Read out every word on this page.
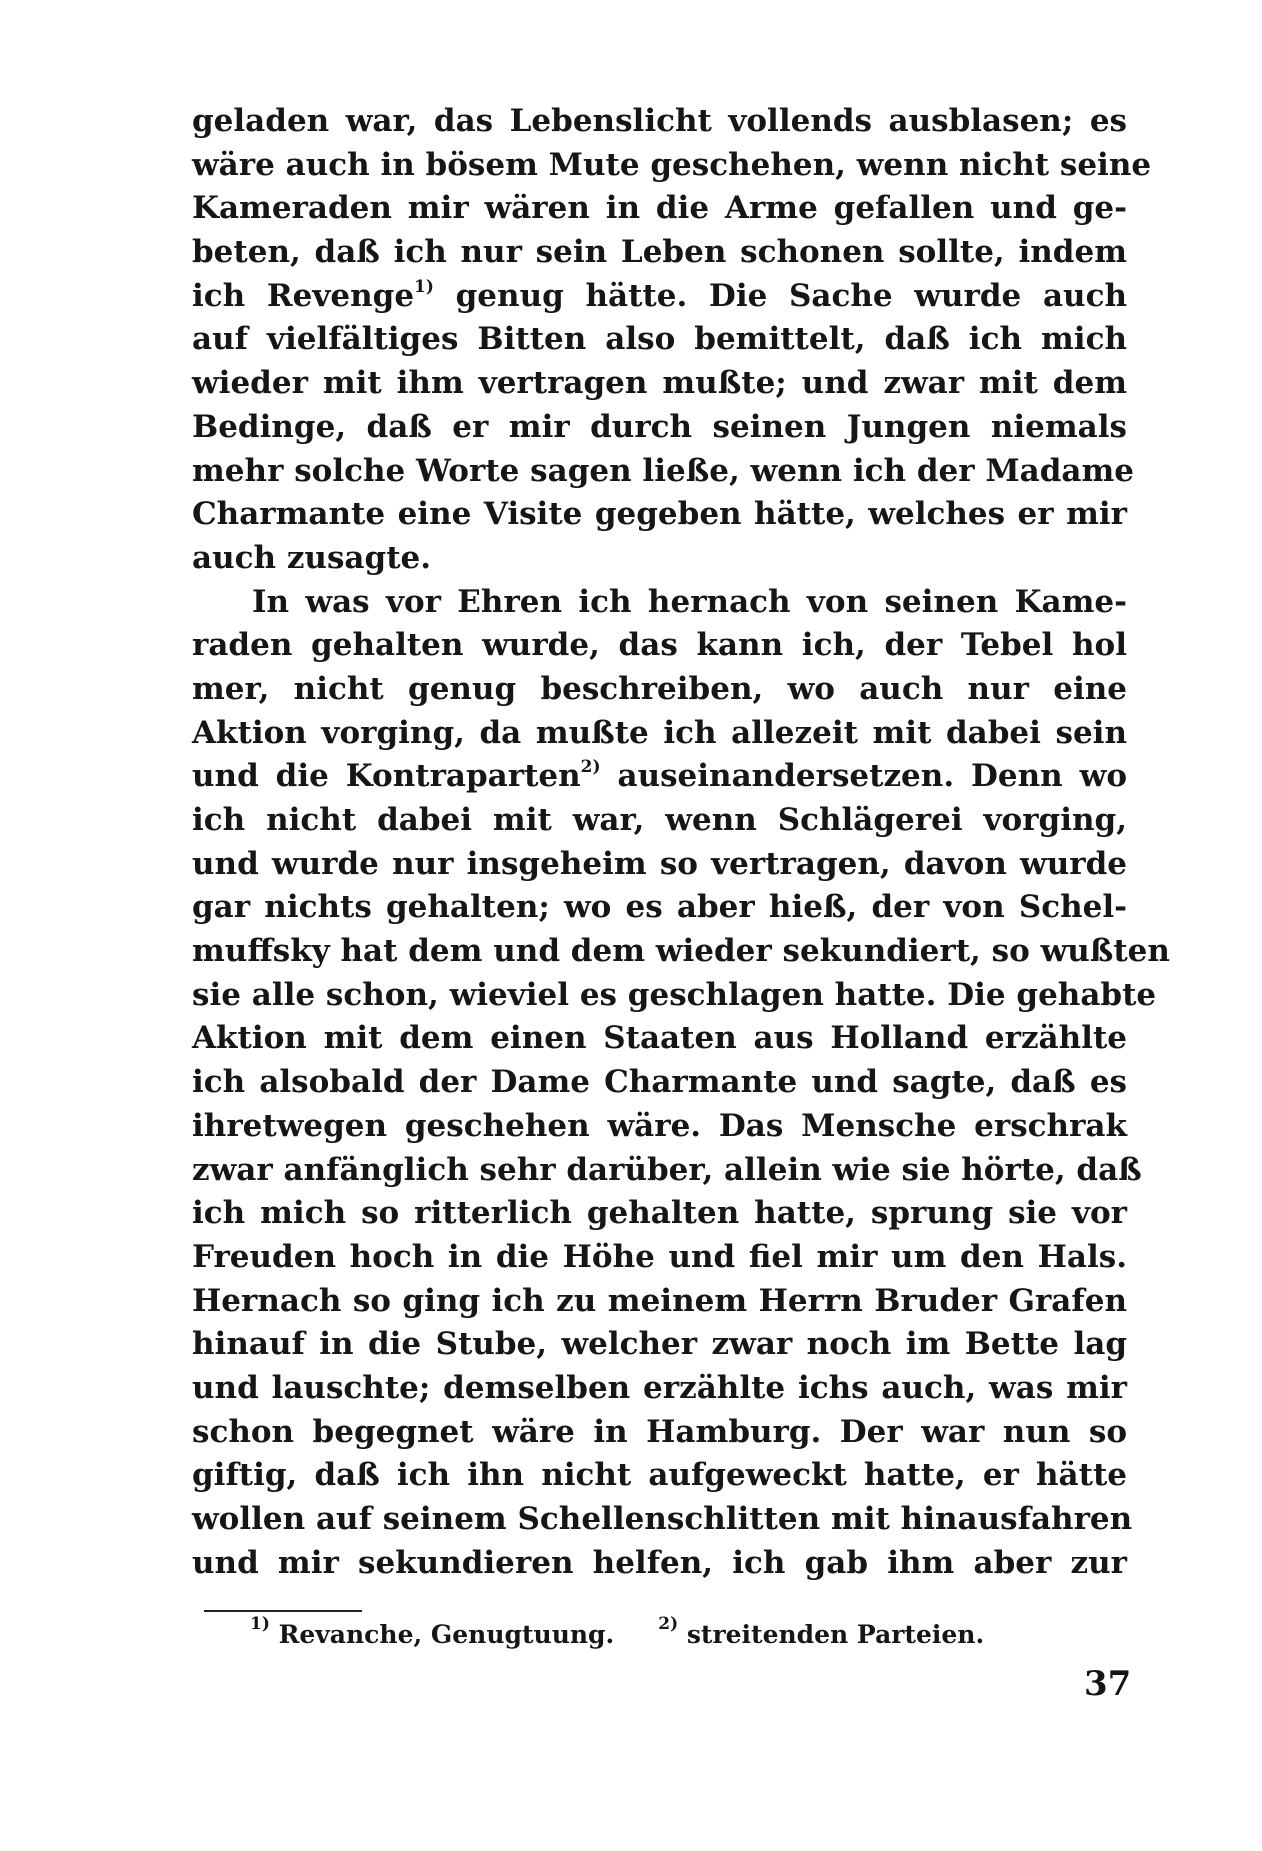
geladen war, das Lebenslicht vollends ausblasen; es
wäre auch in bösem Mute geschehen, wenn nicht seine
Kameraden mir wären in die Arme gefallen und ge-
beten, daß ich nur sein Leben schonen sollte, indem
ich Revenge$^{1)}$ genug hätte. Die Sache wurde auch
auf vielfältiges Bitten also bemittelt, daß ich mich
wieder mit ihm vertragen mußte; und zwar mit dem
Bedinge, daß er mir durch seinen Jungen niemals
mehr solche Worte sagen ließe, wenn ich der Madame
Charmante eine Visite gegeben hätte, welches er mir
auch zusagte.
In was vor Ehren ich hernach von seinen Kame-
raden gehalten wurde, das kann ich, der Tebel hol
mer, nicht genug beschreiben, wo auch nur eine
Aktion vorging, da mußte ich allezeit mit dabei sein
und die Kontraparten$^{2)}$ auseinandersetzen. Denn wo
ich nicht dabei mit war, wenn Schlägerei vorging,
und wurde nur insgeheim so vertragen, davon wurde
gar nichts gehalten; wo es aber hieß, der von Schel-
muffsky hat dem und dem wieder sekundiert, so wußten
sie alle schon, wieviel es geschlagen hatte. Die gehabte
Aktion mit dem einen Staaten aus Holland erzählte
ich alsobald der Dame Charmante und sagte, daß es
ihretwegen geschehen wäre. Das Mensche erschrak
zwar anfänglich sehr darüber, allein wie sie hörte, daß
ich mich so ritterlich gehalten hatte, sprung sie vor
Freuden hoch in die Höhe und fiel mir um den Hals.
Hernach so ging ich zu meinem Herrn Bruder Grafen
hinauf in die Stube, welcher zwar noch im Bette lag
und lauschte; demselben erzählte ichs auch, was mir
schon begegnet wäre in Hamburg. Der war nun so
giftig, daß ich ihn nicht aufgeweckt hatte, er hätte
wollen auf seinem Schellenschlitten mit hinausfahren
und mir sekundieren helfen, ich gab ihm aber zur
$^{1)}$ Revanche, Genugtuung.	$^{2)}$ streitenden Parteien.
37
